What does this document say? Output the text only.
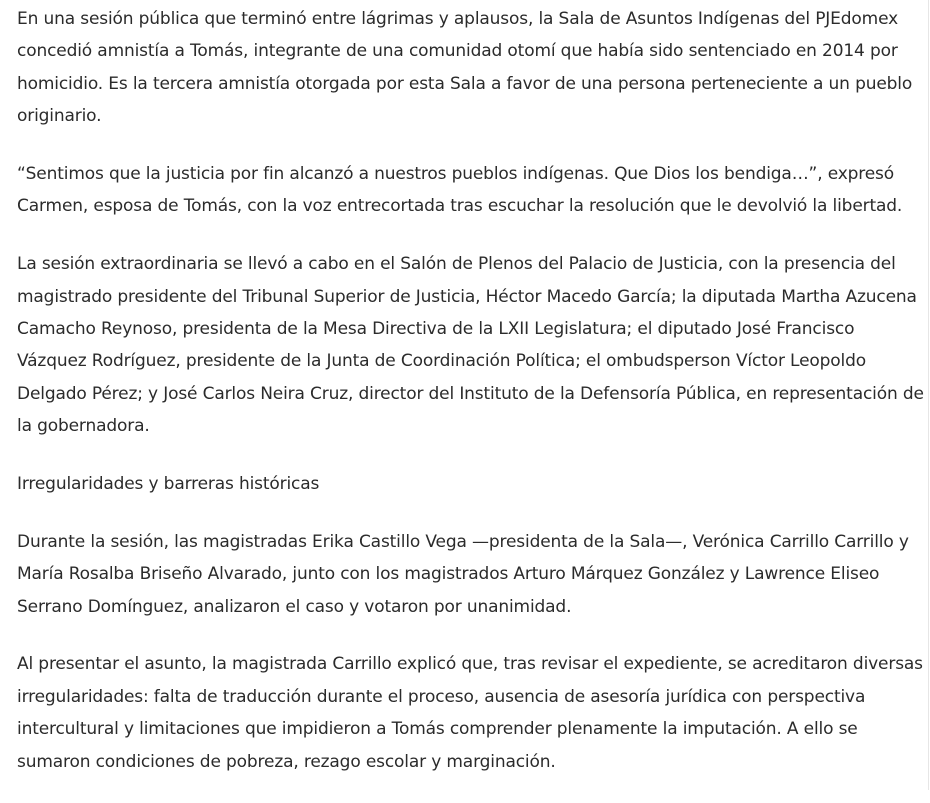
En una sesión pública que terminó entre lágrimas y aplausos, la Sala de Asuntos Indígenas del PJEdomex concedió amnistía a Tomás, integrante de una comunidad otomí que había sido sentenciado en 2014 por homicidio. Es la tercera amnistía otorgada por esta Sala a favor de una persona perteneciente a un pueblo originario.

“Sentimos que la justicia por fin alcanzó a nuestros pueblos indígenas. Que Dios los bendiga…”, expresó Carmen, esposa de Tomás, con la voz entrecortada tras escuchar la resolución que le devolvió la libertad.

La sesión extraordinaria se llevó a cabo en el Salón de Plenos del Palacio de Justicia, con la presencia del magistrado presidente del Tribunal Superior de Justicia, Héctor Macedo García; la diputada Martha Azucena Camacho Reynoso, presidenta de la Mesa Directiva de la LXII Legislatura; el diputado José Francisco Vázquez Rodríguez, presidente de la Junta de Coordinación Política; el ombudsperson Víctor Leopoldo Delgado Pérez; y José Carlos Neira Cruz, director del Instituto de la Defensoría Pública, en representación de la gobernadora.

Irregularidades y barreras históricas

Durante la sesión, las magistradas Erika Castillo Vega —presidenta de la Sala—, Verónica Carrillo Carrillo y María Rosalba Briseño Alvarado, junto con los magistrados Arturo Márquez González y Lawrence Eliseo Serrano Domínguez, analizaron el caso y votaron por unanimidad.

Al presentar el asunto, la magistrada Carrillo explicó que, tras revisar el expediente, se acreditaron diversas irregularidades: falta de traducción durante el proceso, ausencia de asesoría jurídica con perspectiva intercultural y limitaciones que impidieron a Tomás comprender plenamente la imputación. A ello se sumaron condiciones de pobreza, rezago escolar y marginación.
